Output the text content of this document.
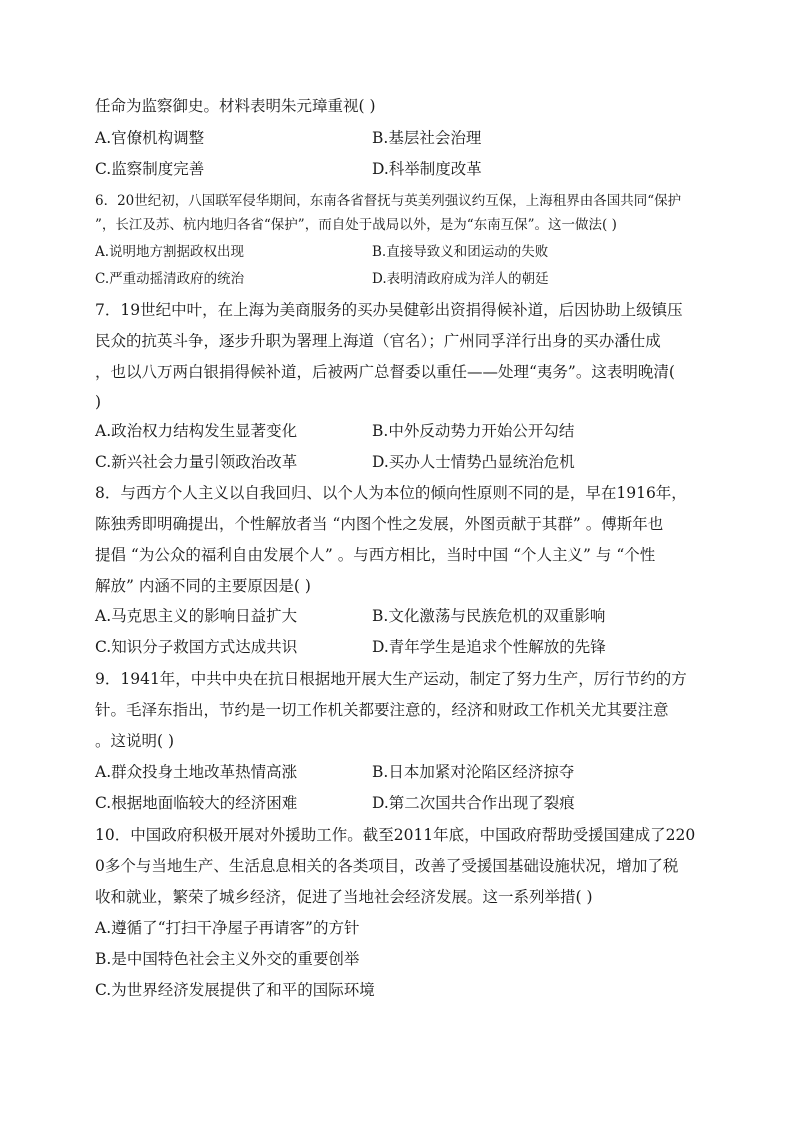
任命为监察御史。材料表明朱元璋重视( )
A.官僚机构调整	B.基层社会治理
C.监察制度完善	D.科举制度改革
6．20世纪初，八国联军侵华期间，东南各省督抚与英美列强议约互保，上海租界由各国共同“保护
”，长江及苏、杭内地归各省“保护”，而自处于战局以外，是为“东南互保”。这一做法( )
A.说明地方割据政权出现	B.直接导致义和团运动的失败
C.严重动摇清政府的统治	D.表明清政府成为洋人的朝廷
7．19世纪中叶，在上海为美商服务的买办吴健彰出资捐得候补道，后因协助上级镇压
民众的抗英斗争，逐步升职为署理上海道（官名）；广州同孚洋行出身的买办潘仕成
，也以八万两白银捐得候补道，后被两广总督委以重任——处理“夷务”。这表明晚清(
)
A.政治权力结构发生显著变化	B.中外反动势力开始公开勾结
C.新兴社会力量引领政治改革	D.买办人士情势凸显统治危机
8．与西方个人主义以自我回归、以个人为本位的倾向性原则不同的是，早在1916年，
陈独秀即明确提出，个性解放者当 “内图个性之发展，外图贡献于其群” 。傅斯年也
提倡 “为公众的福利自由发展个人” 。与西方相比，当时中国 “个人主义” 与 “个性
解放” 内涵不同的主要原因是( )
A.马克思主义的影响日益扩大	B.文化激荡与民族危机的双重影响
C.知识分子救国方式达成共识	D.青年学生是追求个性解放的先锋
9．1941年，中共中央在抗日根据地开展大生产运动，制定了努力生产，厉行节约的方
针。毛泽东指出，节约是一切工作机关都要注意的，经济和财政工作机关尤其要注意
。这说明( )
A.群众投身土地改革热情高涨	B.日本加紧对沦陷区经济掠夺
C.根据地面临较大的经济困难	D.第二次国共合作出现了裂痕
10．中国政府积极开展对外援助工作。截至2011年底，中国政府帮助受援国建成了220
0多个与当地生产、生活息息相关的各类项目，改善了受援国基础设施状况，增加了税
收和就业，繁荣了城乡经济，促进了当地社会经济发展。这一系列举措( )
A.遵循了“打扫干净屋子再请客”的方针
B.是中国特色社会主义外交的重要创举
C.为世界经济发展提供了和平的国际环境
